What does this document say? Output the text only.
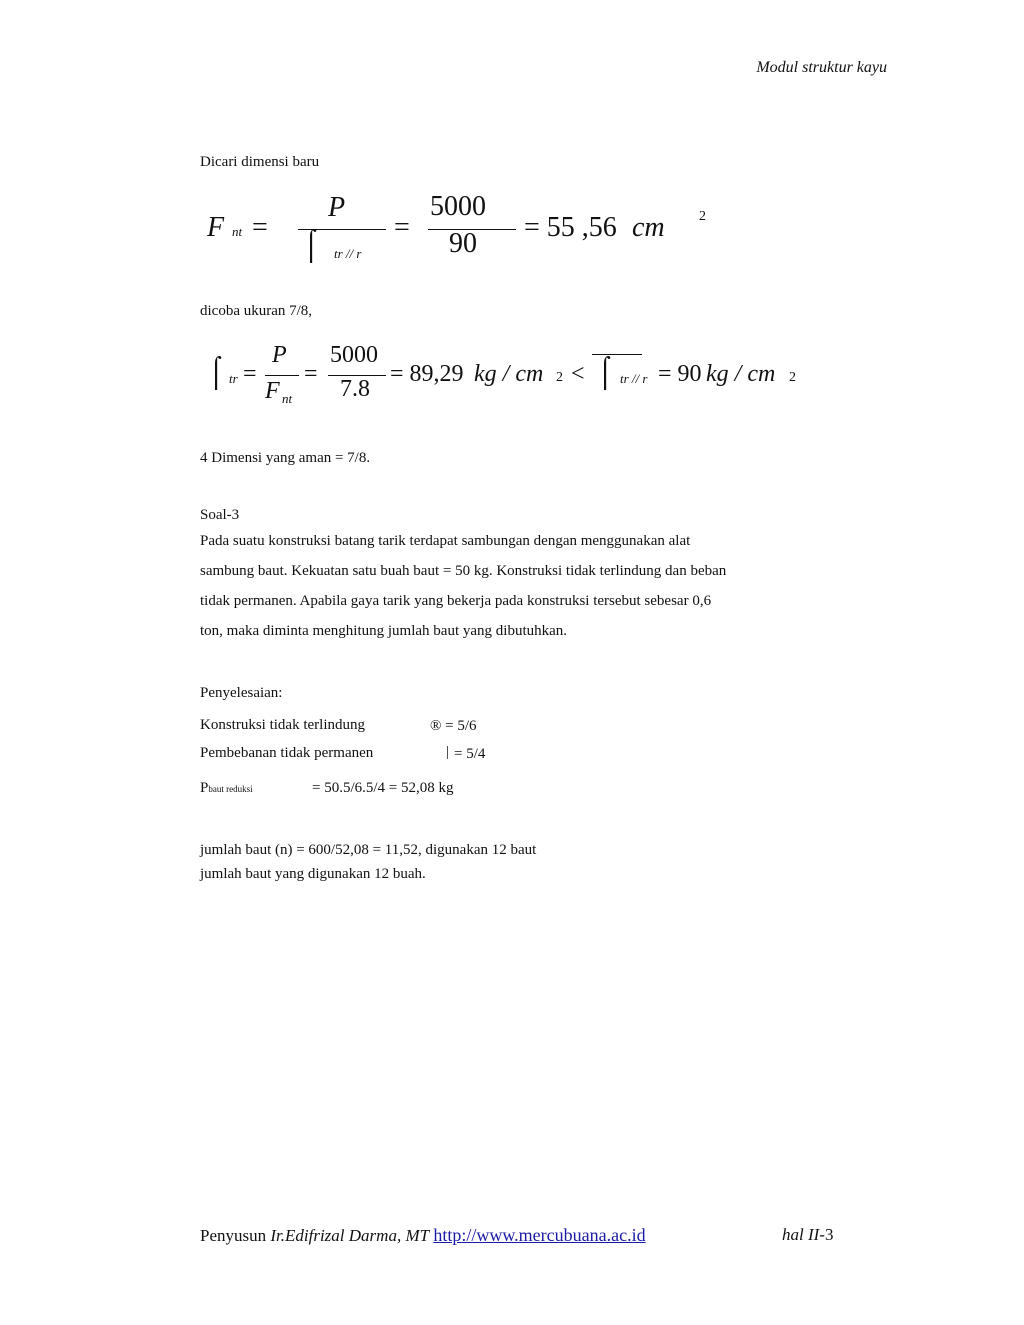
Modul struktur kayu
Dicari dimensi baru
F nt =
P
⌠ tr // r
=
5000
90
= 55 ,56 cm 2
dicoba ukuran 7/8,
⌠ tr =
P
F nt
=
5000
7.8
= 89,29 kg / cm 2 < ⌠ tr // r = 90 kg / cm 2
4 Dimensi yang aman = 7/8.
Soal-3
Pada suatu konstruksi batang tarik terdapat sambungan dengan menggunakan alat
sambung baut. Kekuatan satu buah baut = 50 kg. Konstruksi tidak terlindung dan beban
tidak permanen. Apabila gaya tarik yang bekerja pada konstruksi tersebut sebesar 0,6
ton, maka diminta menghitung jumlah baut yang dibutuhkan.
Penyelesaian:
Konstruksi tidak terlindung	® = 5/6
Pembebanan tidak permanen	| = 5/4
Pbaut reduksi	= 50.5/6.5/4 = 52,08 kg
jumlah baut (n) = 600/52,08 = 11,52, digunakan 12 baut
jumlah baut yang digunakan 12 buah.
Penyusun Ir.Edifrizal Darma, MT http://www.mercubuana.ac.id	hal II-3
